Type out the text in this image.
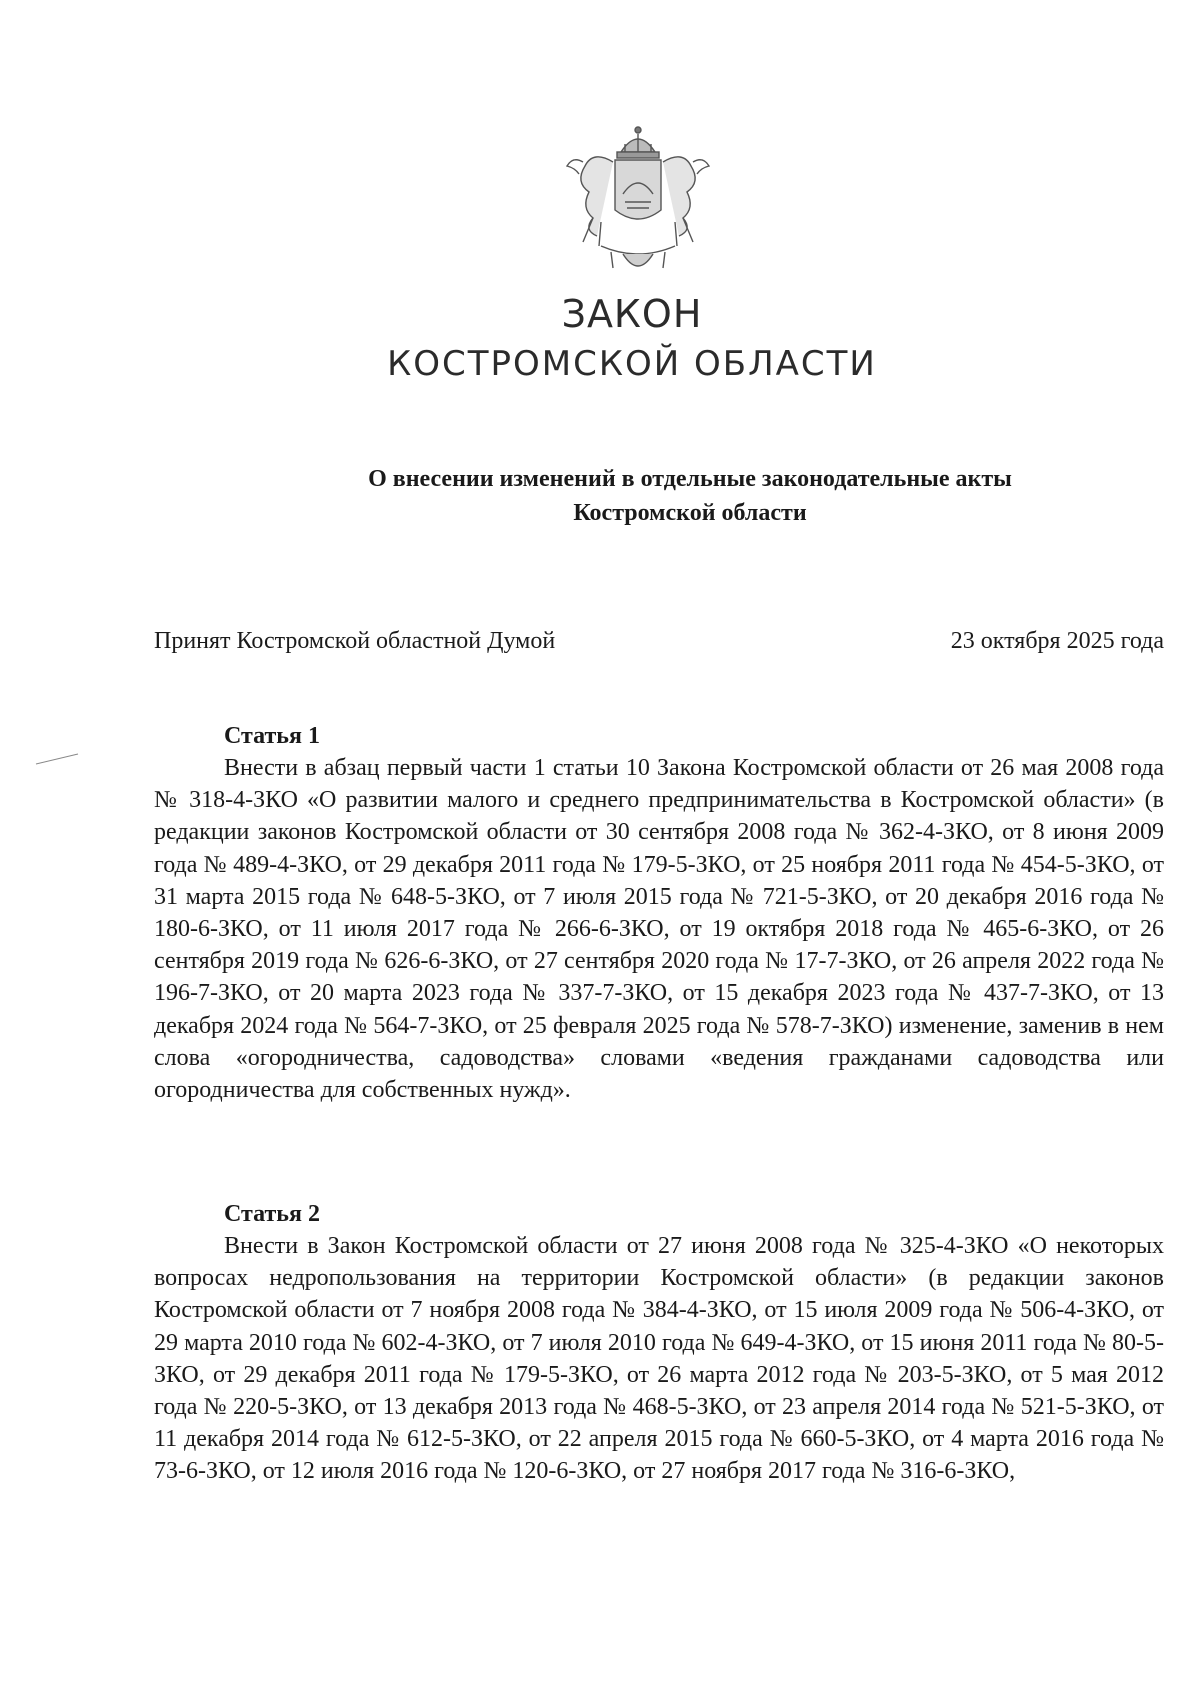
ЗАКОН
КОСТРОМСКОЙ ОБЛАСТИ
О внесении изменений в отдельные законодательные акты
Костромской области
Принят Костромской областной Думой	23 октября 2025 года
Статья 1

Внести в абзац первый части 1 статьи 10 Закона Костромской области от 26 мая 2008 года № 318-4-ЗКО «О развитии малого и среднего предпринимательства в Костромской области» (в редакции законов Костромской области от 30 сентября 2008 года № 362-4-ЗКО, от 8 июня 2009 года № 489-4-ЗКО, от 29 декабря 2011 года № 179-5-ЗКО, от 25 ноября 2011 года № 454-5-ЗКО, от 31 марта 2015 года № 648-5-ЗКО, от 7 июля 2015 года № 721-5-ЗКО, от 20 декабря 2016 года № 180-6-ЗКО, от 11 июля 2017 года № 266-6-ЗКО, от 19 октября 2018 года № 465-6-ЗКО, от 26 сентября 2019 года № 626-6-ЗКО, от 27 сентября 2020 года № 17-7-ЗКО, от 26 апреля 2022 года № 196-7-ЗКО, от 20 марта 2023 года № 337-7-ЗКО, от 15 декабря 2023 года № 437-7-ЗКО, от 13 декабря 2024 года № 564-7-ЗКО, от 25 февраля 2025 года № 578-7-ЗКО) изменение, заменив в нем слова «огородничества, садоводства» словами «ведения гражданами садоводства или огородничества для собственных нужд».

Статья 2

Внести в Закон Костромской области от 27 июня 2008 года № 325-4-ЗКО «О некоторых вопросах недропользования на территории Костромской области» (в редакции законов Костромской области от 7 ноября 2008 года № 384-4-ЗКО, от 15 июля 2009 года № 506-4-ЗКО, от 29 марта 2010 года № 602-4-ЗКО, от 7 июля 2010 года № 649-4-ЗКО, от 15 июня 2011 года № 80-5-ЗКО, от 29 декабря 2011 года № 179-5-ЗКО, от 26 марта 2012 года № 203-5-ЗКО, от 5 мая 2012 года № 220-5-ЗКО, от 13 декабря 2013 года № 468-5-ЗКО, от 23 апреля 2014 года № 521-5-ЗКО, от 11 декабря 2014 года № 612-5-ЗКО, от 22 апреля 2015 года № 660-5-ЗКО, от 4 марта 2016 года № 73-6-ЗКО, от 12 июля 2016 года № 120-6-ЗКО, от 27 ноября 2017 года № 316-6-ЗКО,
